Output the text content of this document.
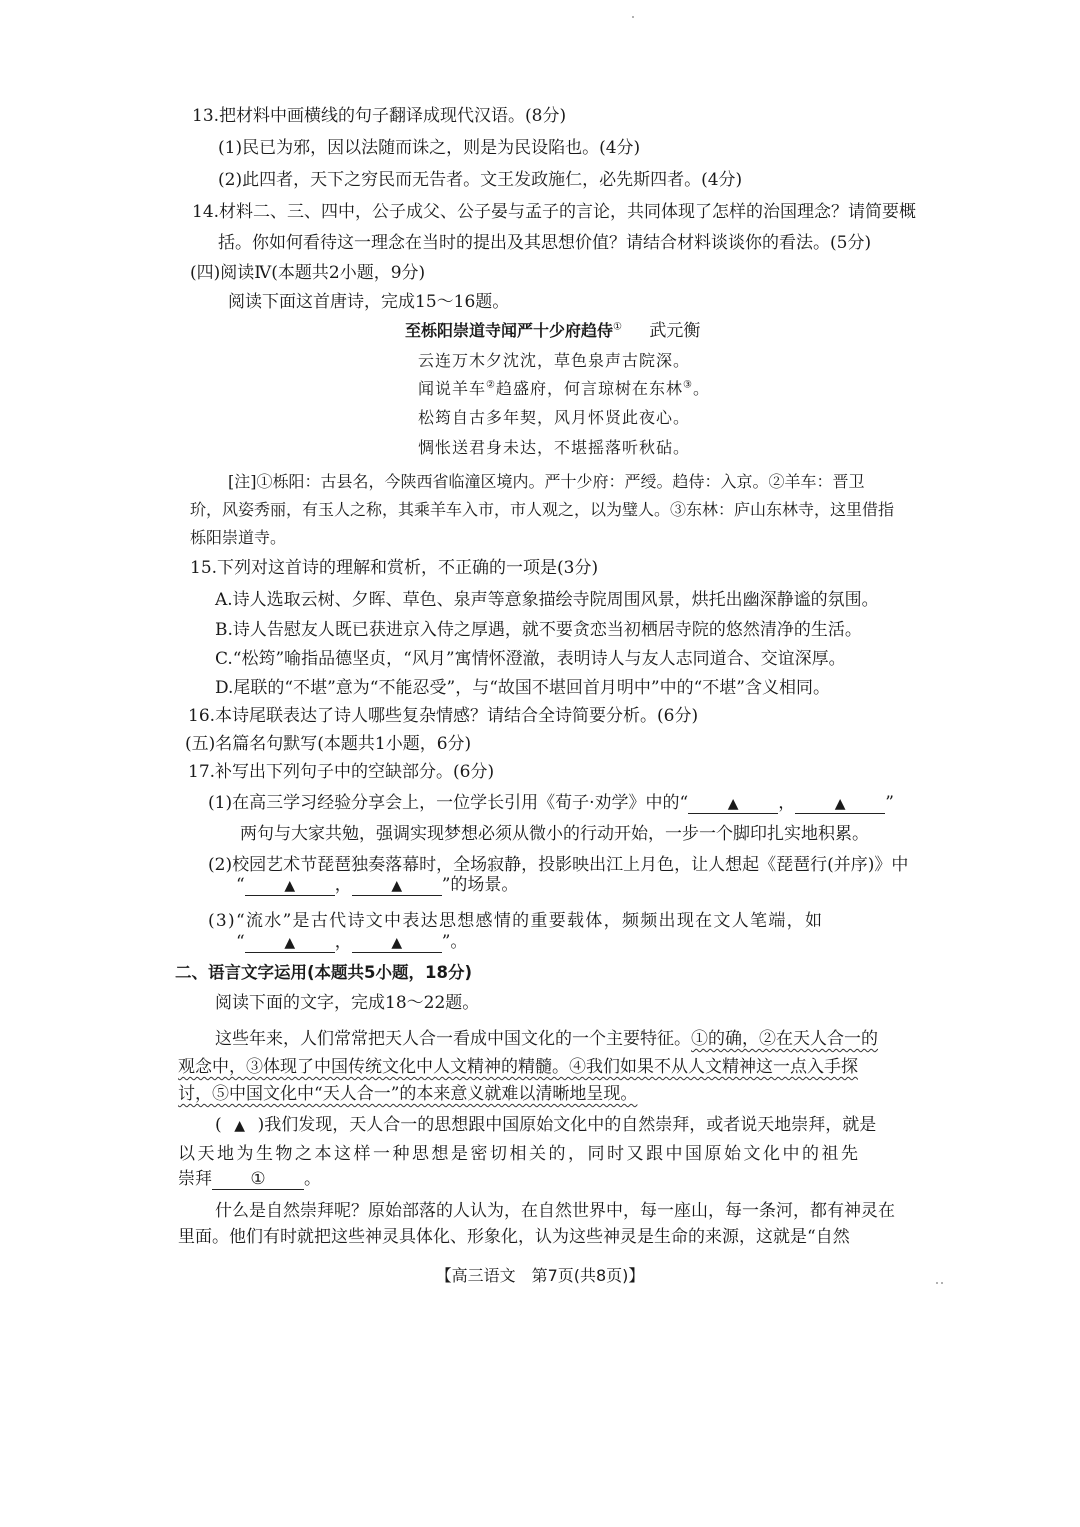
13.把材料中画横线的句子翻译成现代汉语。(8分)
(1)民已为邪，因以法随而诛之，则是为民设陷也。(4分)
(2)此四者，天下之穷民而无告者。文王发政施仁，必先斯四者。(4分)
14.材料二、三、四中，公子成父、公子晏与孟子的言论，共同体现了怎样的治国理念？请简要概
括。你如何看待这一理念在当时的提出及其思想价值？请结合材料谈谈你的看法。(5分)
(四)阅读Ⅳ(本题共2小题，9分)
阅读下面这首唐诗，完成15～16题。
至栎阳崇道寺闻严十少府趋侍① 武元衡
云连万木夕沈沈，草色泉声古院深。
闻说羊车②趋盛府，何言琼树在东林③。
松筠自古多年契，风月怀贤此夜心。
惆怅送君身未达，不堪摇落听秋砧。
[注]①栎阳：古县名，今陕西省临潼区境内。严十少府：严绶。趋侍：入京。②羊车：晋卫
玠，风姿秀丽，有玉人之称，其乘羊车入市，市人观之，以为璧人。③东林：庐山东林寺，这里借指
栎阳崇道寺。
15.下列对这首诗的理解和赏析，不正确的一项是(3分)
A.诗人选取云树、夕晖、草色、泉声等意象描绘寺院周围风景，烘托出幽深静谧的氛围。
B.诗人告慰友人既已获进京入侍之厚遇，就不要贪恋当初栖居寺院的悠然清净的生活。
C.“松筠”喻指品德坚贞，“风月”寓情怀澄澈，表明诗人与友人志同道合、交谊深厚。
D.尾联的“不堪”意为“不能忍受”，与“故国不堪回首月明中”中的“不堪”含义相同。
16.本诗尾联表达了诗人哪些复杂情感？请结合全诗简要分析。(6分)
(五)名篇名句默写(本题共1小题，6分)
17.补写出下列句子中的空缺部分。(6分)
(1)在高三学习经验分享会上，一位学长引用《荀子·劝学》中的“	▲ ，	▲ ”
两句与大家共勉，强调实现梦想必须从微小的行动开始，一步一个脚印扎实地积累。
(2)校园艺术节琵琶独奏落幕时，全场寂静，投影映出江上月色，让人想起《琵琶行(并序)》中
“	▲ ，	▲ ”的场景。
(3)“流水”是古代诗文中表达思想感情的重要载体，频频出现在文人笔端，如
“	▲ ，	▲ ”。
二、语言文字运用(本题共5小题，18分)
阅读下面的文字，完成18～22题。
这些年来，人们常常把天人合一看成中国文化的一个主要特征。①的确，②在天人合一的
观念中，③体现了中国传统文化中人文精神的精髓。④我们如果不从人文精神这一点入手探
讨，⑤中国文化中“天人合一”的本来意义就难以清晰地呈现。
( ▲ )我们发现，天人合一的思想跟中国原始文化中的自然崇拜，或者说天地崇拜，就是
以天地为生物之本这样一种思想是密切相关的，同时又跟中国原始文化中的祖先
崇拜 ① 。
什么是自然崇拜呢？原始部落的人认为，在自然世界中，每一座山，每一条河，都有神灵在
里面。他们有时就把这些神灵具体化、形象化，认为这些神灵是生命的来源，这就是“自然
【高三语文　第7页(共8页)】
